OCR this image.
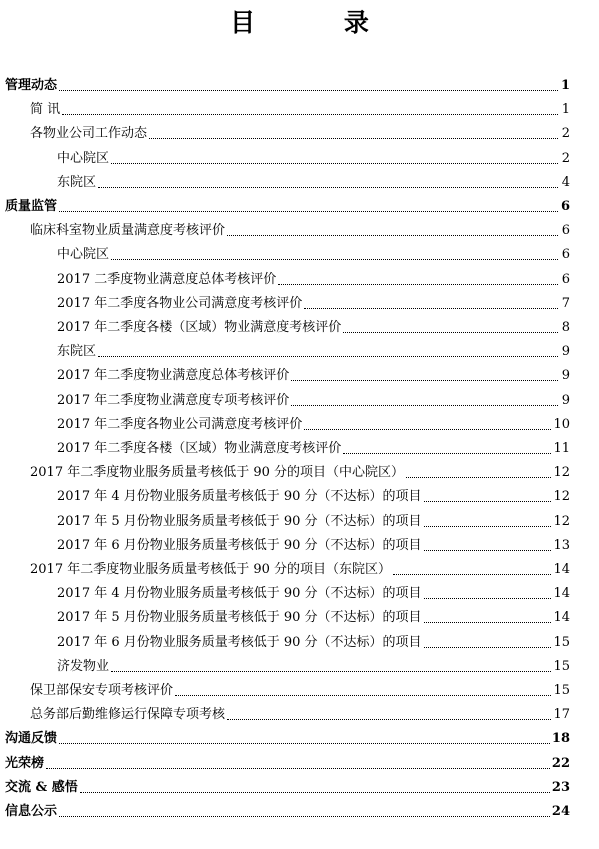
目 录
管理动态	1
简 讯	1
各物业公司工作动态	2
中心院区	2
东院区	4
质量监管	6
临床科室物业质量满意度考核评价	6
中心院区	6
2017 二季度物业满意度总体考核评价	6
2017 年二季度各物业公司满意度考核评价	7
2017 年二季度各楼（区域）物业满意度考核评价	8
东院区	9
2017 年二季度物业满意度总体考核评价	9
2017 年二季度物业满意度专项考核评价	9
2017 年二季度各物业公司满意度考核评价	10
2017 年二季度各楼（区域）物业满意度考核评价	11
2017 年二季度物业服务质量考核低于 90 分的项目（中心院区）	12
2017 年 4 月份物业服务质量考核低于 90 分（不达标）的项目	12
2017 年 5 月份物业服务质量考核低于 90 分（不达标）的项目	12
2017 年 6 月份物业服务质量考核低于 90 分（不达标）的项目	13
2017 年二季度物业服务质量考核低于 90 分的项目（东院区）	14
2017 年 4 月份物业服务质量考核低于 90 分（不达标）的项目	14
2017 年 5 月份物业服务质量考核低于 90 分（不达标）的项目	14
2017 年 6 月份物业服务质量考核低于 90 分（不达标）的项目	15
济发物业	15
保卫部保安专项考核评价	15
总务部后勤维修运行保障专项考核	17
沟通反馈	18
光荣榜	22
交流 & 感悟	23
信息公示	24
